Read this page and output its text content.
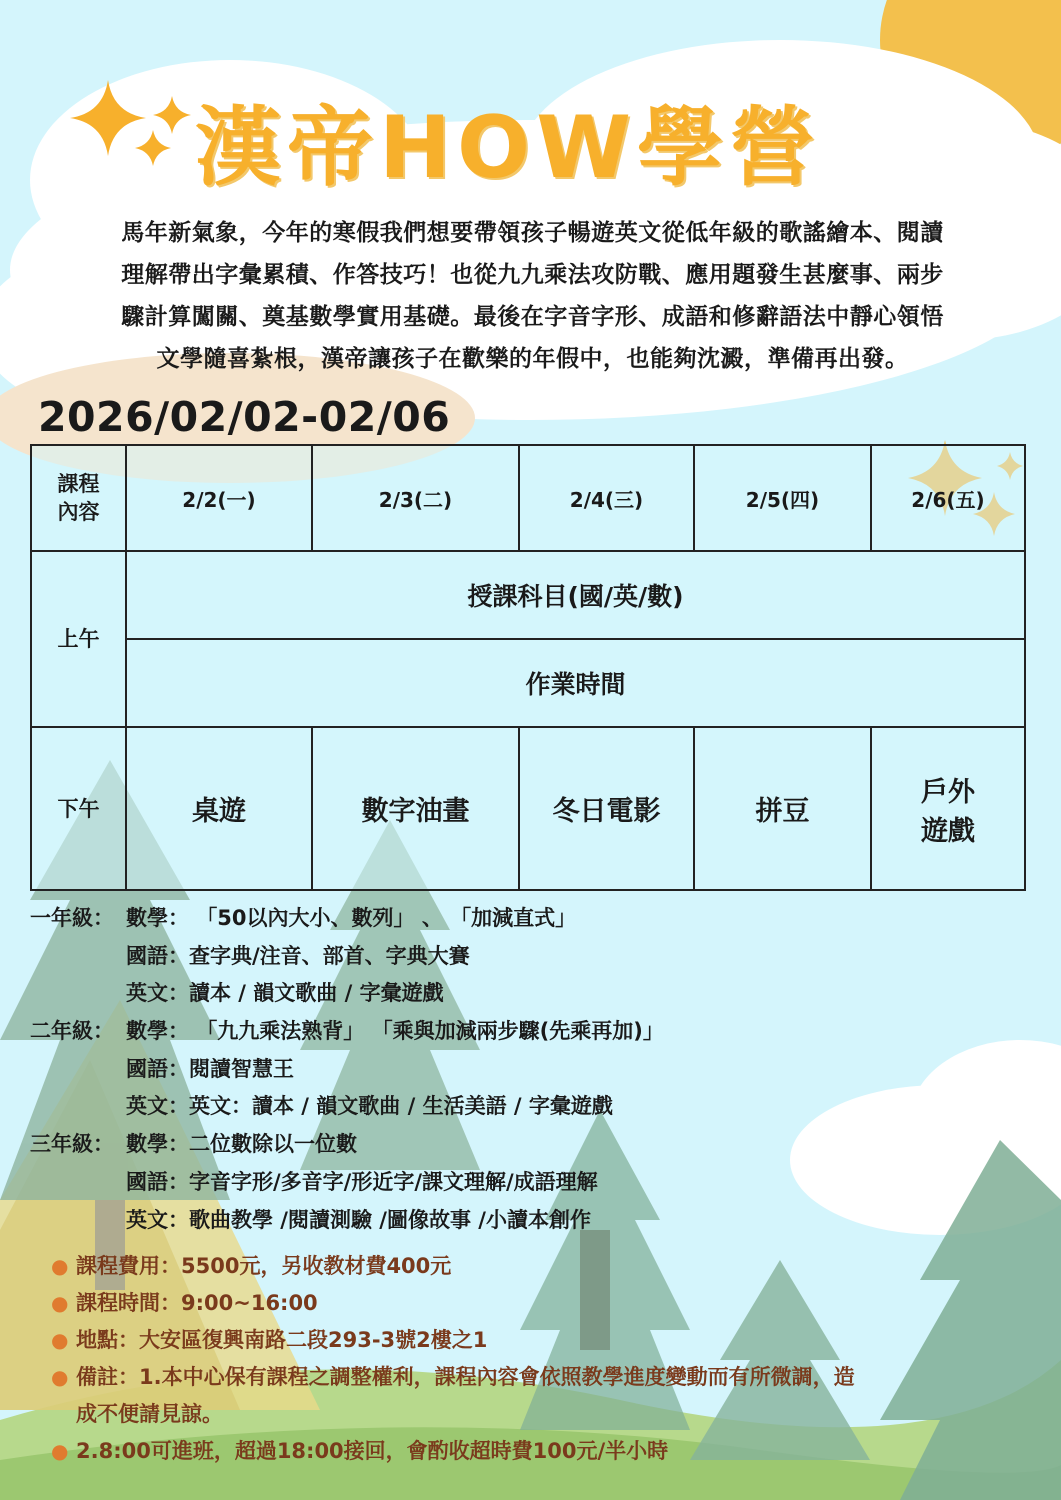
漢帝HOW學營
馬年新氣象，今年的寒假我們想要帶領孩子暢遊英文從低年級的歌謠繪本、閱讀
理解帶出字彙累積、作答技巧！也從九九乘法攻防戰、應用題發生甚麼事、兩步
驟計算闖關、奠基數學實用基礎。最後在字音字形、成語和修辭語法中靜心領悟
文學隨喜紮根，漢帝讓孩子在歡樂的年假中，也能夠沈澱，準備再出發。
2026/02/02-02/06
課程
內容	2/2(一)	2/3(二)	2/4(三)	2/5(四)	2/6(五)
上午	授課科目(國/英/數)				
	作業時間				
下午	桌遊	數字油畫	冬日電影	拼豆	戶外
遊戲
一年級： 數學： 「50以內大小、數列」 、 「加減直式」
國語：查字典/注音、部首、字典大賽
英文：讀本 / 韻文歌曲 / 字彙遊戲
二年級： 數學： 「九九乘法熟背」 「乘與加減兩步驟(先乘再加)」
國語：閱讀智慧王
英文：英文：讀本 / 韻文歌曲 / 生活美語 / 字彙遊戲
三年級： 數學：二位數除以一位數
國語：字音字形/多音字/形近字/課文理解/成語理解
英文：歌曲教學 /閱讀測驗 /圖像故事 /小讀本創作
● 課程費用：5500元，另收教材費400元
● 課程時間：9:00~16:00
● 地點：大安區復興南路二段293-3號2樓之1
● 備註：1.本中心保有課程之調整權利，課程內容會依照教學進度變動而有所微調，造
成不便請見諒。
● 2.8:00可進班，超過18:00接回，會酌收超時費100元/半小時
